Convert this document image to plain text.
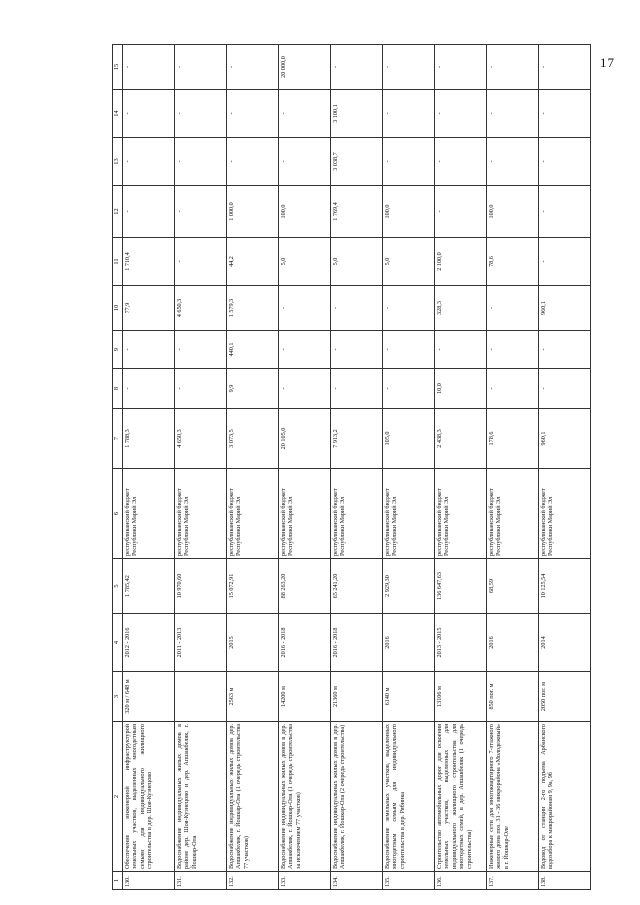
17
1	2	3	4	5	6	7	8	9	10	11	12	13	14	15
130.	Обеспечение инженерной инфраструктурой земельных участков, выделенных многодетным семьям для индивидуального жилищного строительства в дер. Шоя-Кузнецово	320 м / 648 м	2012 - 2016	1 785,42	республиканский бюджет Республики Марий Эл	1 788,3	-	-	77,9	1 710,4	-	-	-	-
131.	Водоснабжение индивидуальных жилых домов в районе дер. Шоя-Кузнецово и дер. Апшакбеляк, г. Йошкар-Ола		2011 - 2013	10 970,60	республиканский бюджет Республики Марий Эл	4 650,3	-	-	4 650,3	-	-	-	-	-
132.	Водоснабжение индивидуальных жилых домов дер. Апшакбеляк, г. Йошкар-Ола (1 очередь строительства 77 участков)	2563 м	2015	15 072,91	республиканский бюджет Республики Марий Эл	3 073,5	9,9	440,1	1 579,3	44,2	1 000,0	-	-	-
133.	Водоснабжение индивидуальных жилых домов в дер. Апшакбеляк, г. Йошкар-Ола (1 очередь строительства за исключением 77 участков)	14200 м	2016 - 2018	88 263,20	республиканский бюджет Республики Марий Эл	20 105,0	-	-	-	5,0	100,0	-	-	20 000,0
134.	Водоснабжение индивидуальных жилых домов в дер. Апшакбеляк, г. Йошкар-Ола (2 очередь строительства)	21360 м	2016 - 2018	65 241,20	республиканский бюджет Республики Марий Эл	7 913,2	-	-	-	5,0	1 769,4	3 038,7	3 100,1	-
135.	Водоснабжение земельных участков, выделенных многодетным семьям для индивидуального строительства в дер. Рябинка	6140 м	2016	2 929,30	республиканский бюджет Республики Марий Эл	105,0	-	-	-	5,0	100,0	-	-	-
136.	Строительство автомобильных дорог для освоения земельных участков, выделенных для индивидуального жилищного строительства для многодетных семей, в дер. Апшакбеляк (1 очередь строительства)	13106 м	2013 - 2015	136 647,63	республиканский бюджет Республики Марий Эл	2 438,3	10,0	-	328,3	2 100,0	-	-	-	-
137.	Инженерные сети для многоквартирного 7-этажного жилого дома поз. 31 - 36 микрорайона «Молодежный» в г. Йошкар-Оле	850 пог. м	2016	68,59	республиканский бюджет Республики Марий Эл	178,6	-	-	-	78,6	100,0	-	-	-
138.	Водовод от станции 2-го подъема Арбанского водозабора к микрорайонам 9, 9а, 9б	2050 пог. м	2014	10 125,54	республиканский бюджет Республики Марий Эл	960,1	-	-	960,1	-	-	-	-	-
